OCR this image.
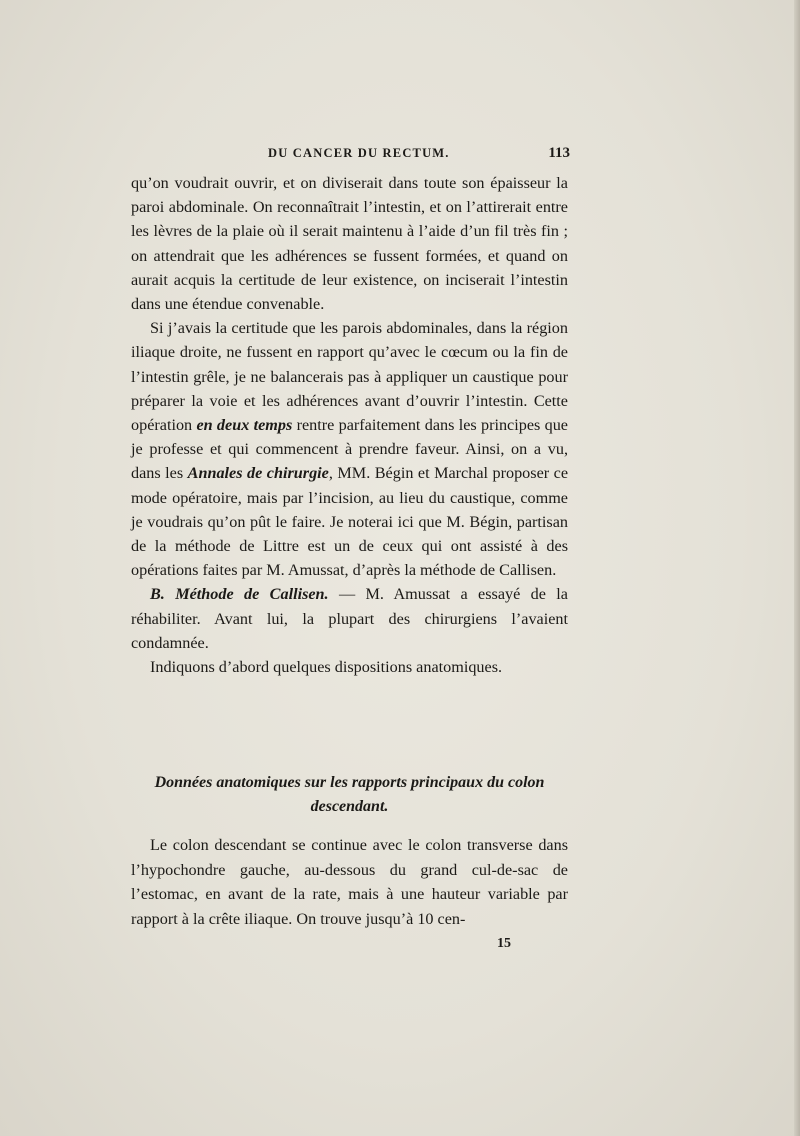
DU CANCER DU RECTUM.	113

qu’on voudrait ouvrir, et on diviserait dans toute son épaisseur la paroi abdominale. On reconnaîtrait l’intestin, et on l’attirerait entre les lèvres de la plaie où il serait maintenu à l’aide d’un fil très fin ; on attendrait que les adhérences se fussent formées, et quand on aurait acquis la certitude de leur existence, on inciserait l’intestin dans une étendue convenable.

Si j’avais la certitude que les parois abdominales, dans la région iliaque droite, ne fussent en rapport qu’avec le cœcum ou la fin de l’intestin grêle, je ne balancerais pas à appliquer un caustique pour préparer la voie et les adhérences avant d’ouvrir l’intestin. Cette opération en deux temps rentre parfaitement dans les principes que je professe et qui commencent à prendre faveur. Ainsi, on a vu, dans les Annales de chirurgie, MM. Bégin et Marchal proposer ce mode opératoire, mais par l’incision, au lieu du caustique, comme je voudrais qu’on pût le faire. Je noterai ici que M. Bégin, partisan de la méthode de Littre est un de ceux qui ont assisté à des opérations faites par M. Amussat, d’après la méthode de Callisen.

B. Méthode de Callisen. — M. Amussat a essayé de la réhabiliter. Avant lui, la plupart des chirurgiens l’avaient condamnée.

Indiquons d’abord quelques dispositions anatomiques.

Données anatomiques sur les rapports principaux du colon descendant.

Le colon descendant se continue avec le colon transverse dans l’hypochondre gauche, au-dessous du grand cul-de-sac de l’estomac, en avant de la rate, mais à une hauteur variable par rapport à la crête iliaque. On trouve jusqu’à 10 cen-

15
